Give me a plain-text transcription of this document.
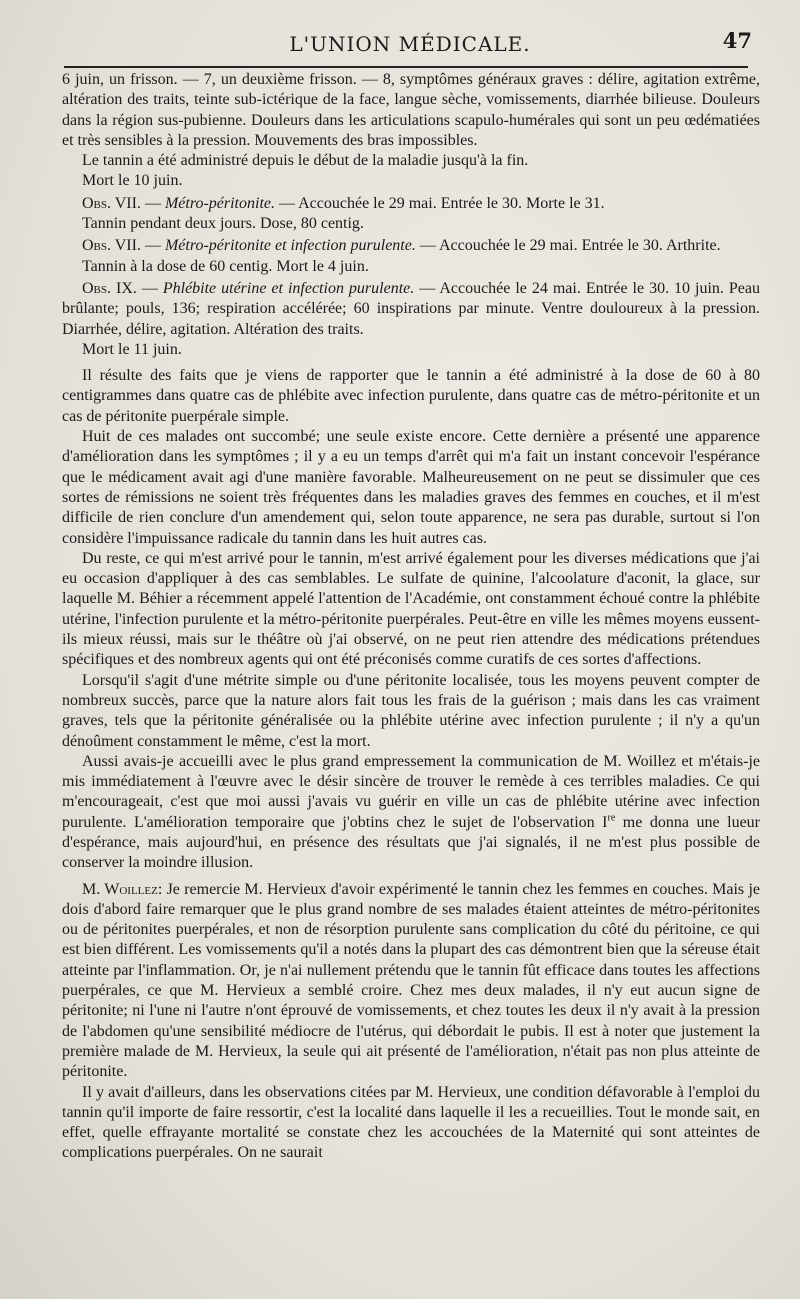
L'UNION MÉDICALE.	47

6 juin, un frisson. — 7, un deuxième frisson. — 8, symptômes généraux graves : délire, agitation extrême, altération des traits, teinte sub-ictérique de la face, langue sèche, vomissements, diarrhée bilieuse. Douleurs dans la région sus-pubienne. Douleurs dans les articulations scapulo-humérales qui sont un peu œdématiées et très sensibles à la pression. Mouvements des bras impossibles.

Le tannin a été administré depuis le début de la maladie jusqu'à la fin.

Mort le 10 juin.

Obs. VII. — Métro-péritonite. — Accouchée le 29 mai. Entrée le 30. Morte le 31.

Tannin pendant deux jours. Dose, 80 centig.

Obs. VII. — Métro-péritonite et infection purulente. — Accouchée le 29 mai. Entrée le 30. Arthrite.

Tannin à la dose de 60 centig. Mort le 4 juin.

Obs. IX. — Phlébite utérine et infection purulente. — Accouchée le 24 mai. Entrée le 30. 10 juin. Peau brûlante; pouls, 136; respiration accélérée; 60 inspirations par minute. Ventre douloureux à la pression. Diarrhée, délire, agitation. Altération des traits.

Mort le 11 juin.

Il résulte des faits que je viens de rapporter que le tannin a été administré à la dose de 60 à 80 centigrammes dans quatre cas de phlébite avec infection purulente, dans quatre cas de métro-péritonite et un cas de péritonite puerpérale simple.

Huit de ces malades ont succombé; une seule existe encore. Cette dernière a présenté une apparence d'amélioration dans les symptômes ; il y a eu un temps d'arrêt qui m'a fait un instant concevoir l'espérance que le médicament avait agi d'une manière favorable. Malheureusement on ne peut se dissimuler que ces sortes de rémissions ne soient très fréquentes dans les maladies graves des femmes en couches, et il m'est difficile de rien conclure d'un amendement qui, selon toute apparence, ne sera pas durable, surtout si l'on considère l'impuissance radicale du tannin dans les huit autres cas.

Du reste, ce qui m'est arrivé pour le tannin, m'est arrivé également pour les diverses médications que j'ai eu occasion d'appliquer à des cas semblables. Le sulfate de quinine, l'alcoolature d'aconit, la glace, sur laquelle M. Béhier a récemment appelé l'attention de l'Académie, ont constamment échoué contre la phlébite utérine, l'infection purulente et la métro-péritonite puerpérales. Peut-être en ville les mêmes moyens eussent-ils mieux réussi, mais sur le théâtre où j'ai observé, on ne peut rien attendre des médications prétendues spécifiques et des nombreux agents qui ont été préconisés comme curatifs de ces sortes d'affections.

Lorsqu'il s'agit d'une métrite simple ou d'une péritonite localisée, tous les moyens peuvent compter de nombreux succès, parce que la nature alors fait tous les frais de la guérison ; mais dans les cas vraiment graves, tels que la péritonite généralisée ou la phlébite utérine avec infection purulente ; il n'y a qu'un dénoûment constamment le même, c'est la mort.

Aussi avais-je accueilli avec le plus grand empressement la communication de M. Woillez et m'étais-je mis immédiatement à l'œuvre avec le désir sincère de trouver le remède à ces terribles maladies. Ce qui m'encourageait, c'est que moi aussi j'avais vu guérir en ville un cas de phlébite utérine avec infection purulente. L'amélioration temporaire que j'obtins chez le sujet de l'observation Ire me donna une lueur d'espérance, mais aujourd'hui, en présence des résultats que j'ai signalés, il ne m'est plus possible de conserver la moindre illusion.

M. Woillez: Je remercie M. Hervieux d'avoir expérimenté le tannin chez les femmes en couches. Mais je dois d'abord faire remarquer que le plus grand nombre de ses malades étaient atteintes de métro-péritonites ou de péritonites puerpérales, et non de résorption purulente sans complication du côté du péritoine, ce qui est bien différent. Les vomissements qu'il a notés dans la plupart des cas démontrent bien que la séreuse était atteinte par l'inflammation. Or, je n'ai nullement prétendu que le tannin fût efficace dans toutes les affections puerpérales, ce que M. Hervieux a semblé croire. Chez mes deux malades, il n'y eut aucun signe de péritonite; ni l'une ni l'autre n'ont éprouvé de vomissements, et chez toutes les deux il n'y avait à la pression de l'abdomen qu'une sensibilité médiocre de l'utérus, qui débordait le pubis. Il est à noter que justement la première malade de M. Hervieux, la seule qui ait présenté de l'amélioration, n'était pas non plus atteinte de péritonite.

Il y avait d'ailleurs, dans les observations citées par M. Hervieux, une condition défavorable à l'emploi du tannin qu'il importe de faire ressortir, c'est la localité dans laquelle il les a recueillies. Tout le monde sait, en effet, quelle effrayante mortalité se constate chez les accouchées de la Maternité qui sont atteintes de complications puerpérales. On ne saurait
